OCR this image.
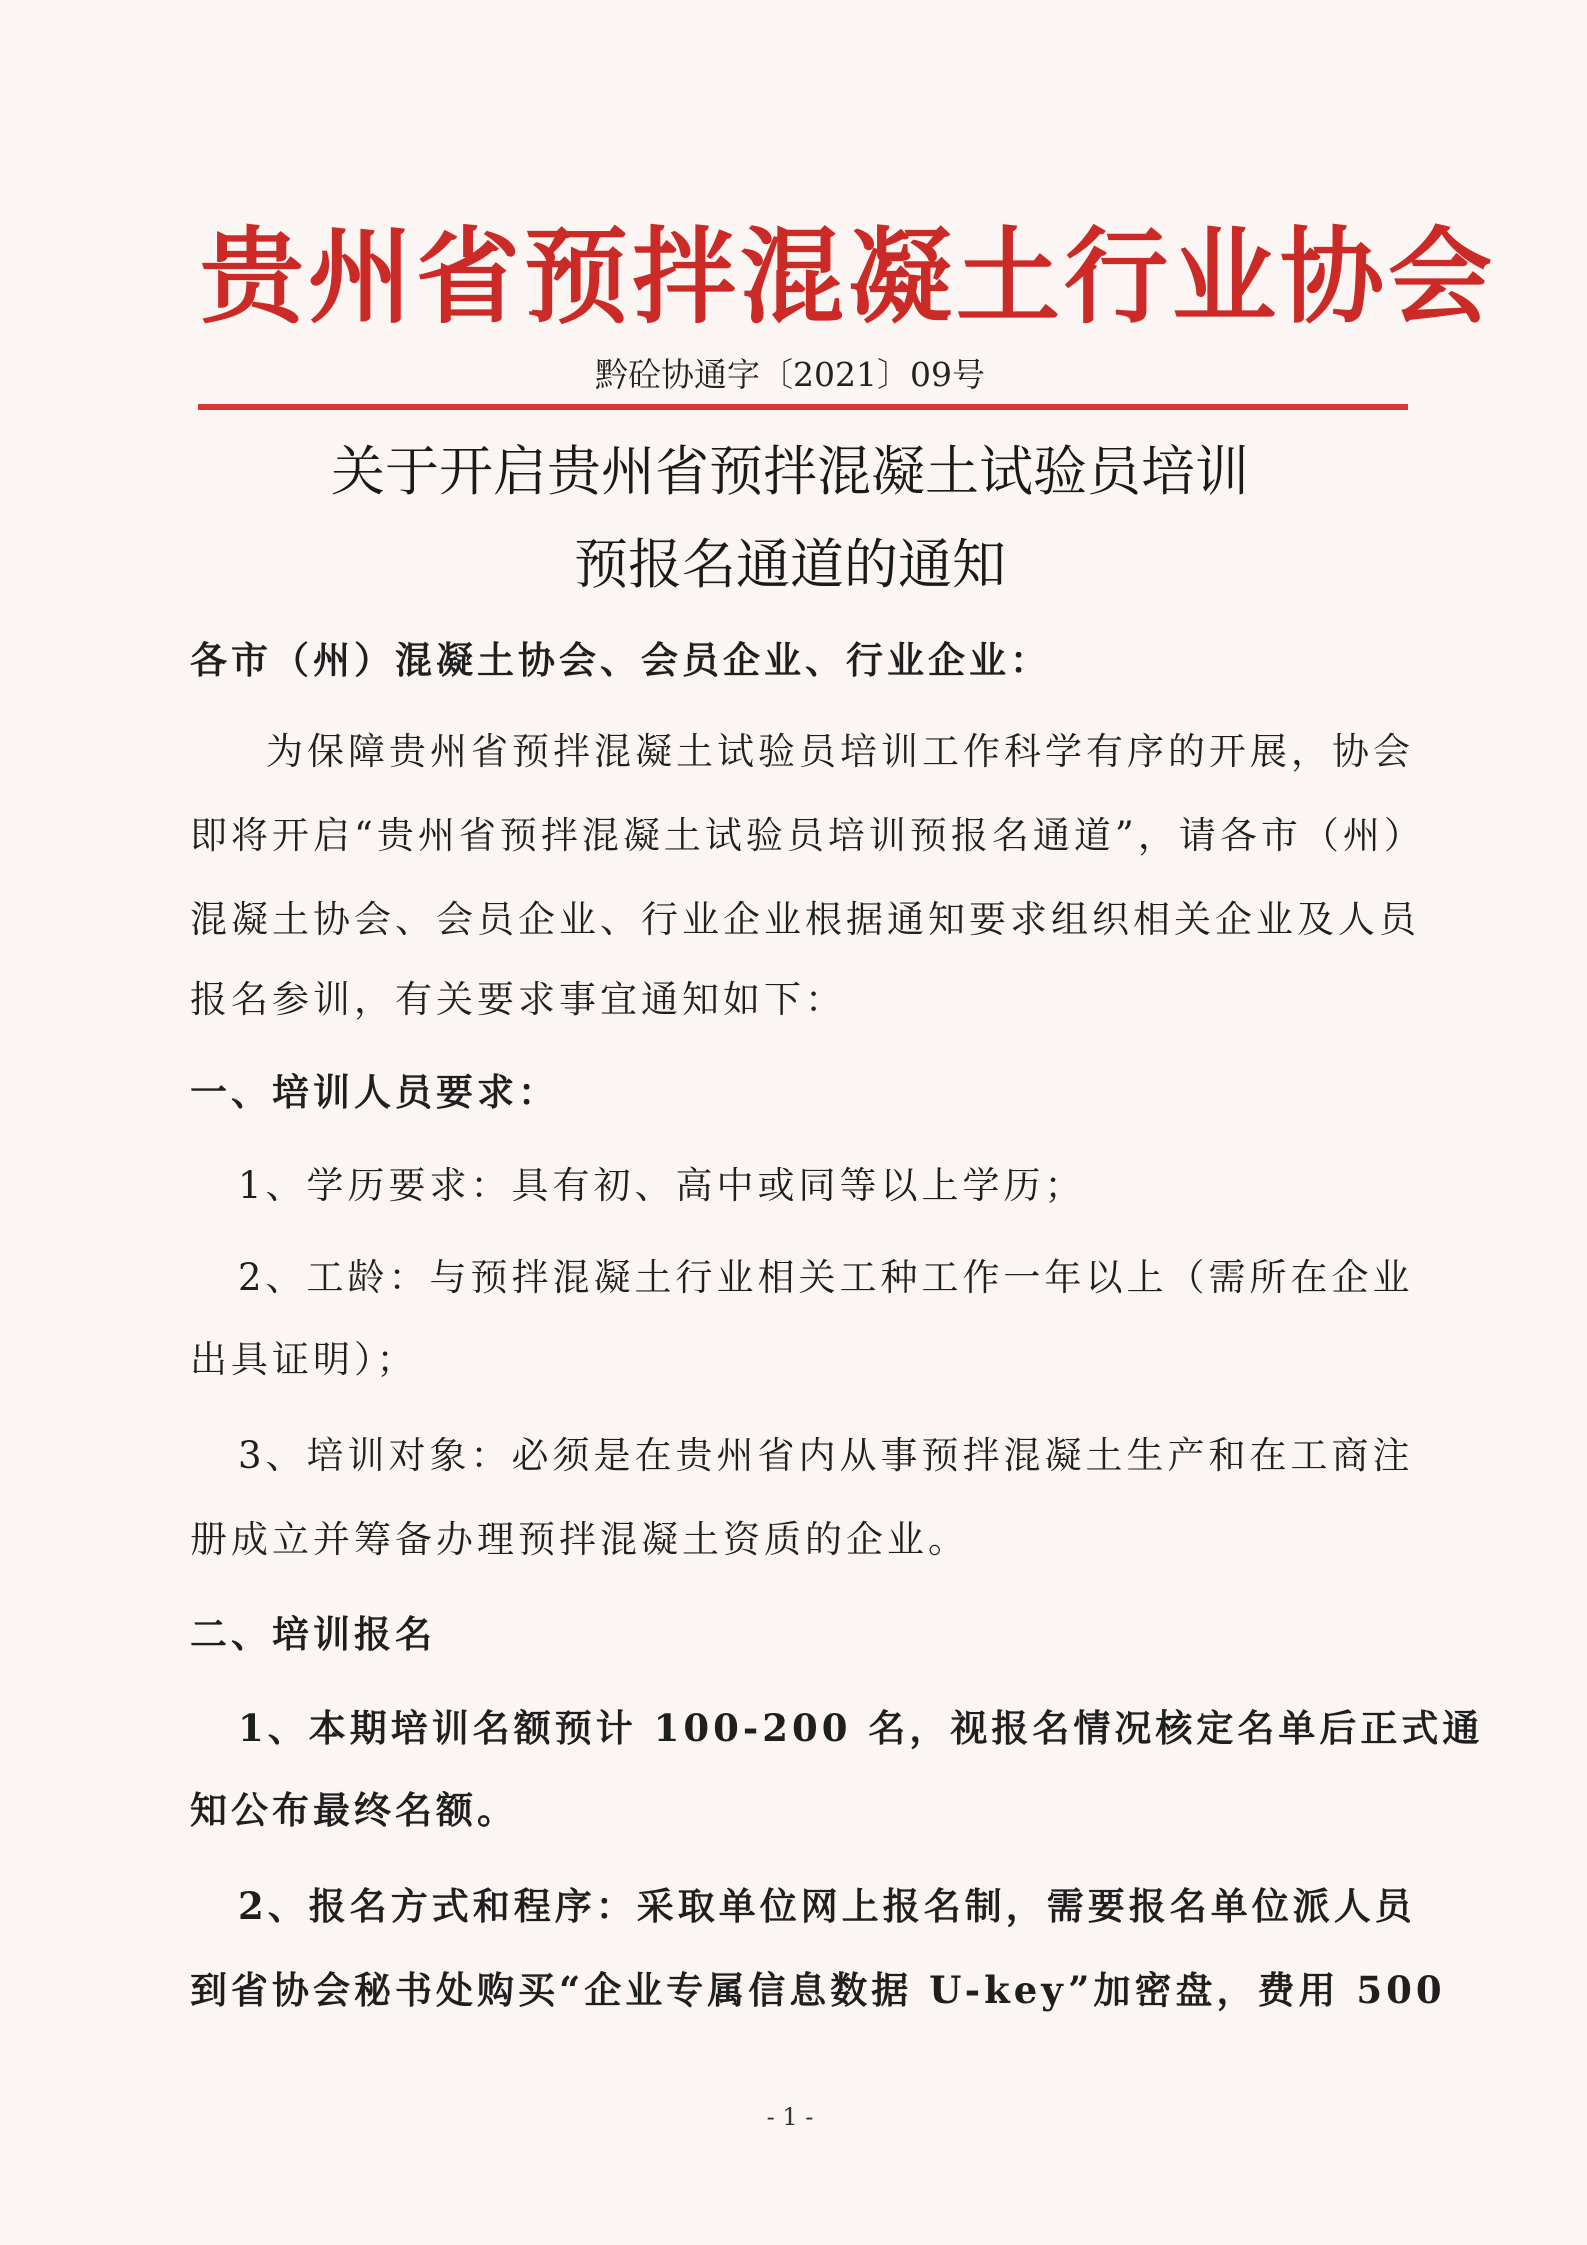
贵州省预拌混凝土行业协会
黔砼协通字〔2021〕09号
关于开启贵州省预拌混凝土试验员培训
预报名通道的通知
各市（州）混凝土协会、会员企业、行业企业：
为保障贵州省预拌混凝土试验员培训工作科学有序的开展，协会
即将开启“贵州省预拌混凝土试验员培训预报名通道”，请各市（州）
混凝土协会、会员企业、行业企业根据通知要求组织相关企业及人员
报名参训，有关要求事宜通知如下：
一、培训人员要求：
1、学历要求：具有初、高中或同等以上学历；
2、工龄：与预拌混凝土行业相关工种工作一年以上（需所在企业
出具证明）；
3、培训对象：必须是在贵州省内从事预拌混凝土生产和在工商注
册成立并筹备办理预拌混凝土资质的企业。
二、培训报名
1、本期培训名额预计 100-200 名，视报名情况核定名单后正式通
知公布最终名额。
2、报名方式和程序：采取单位网上报名制，需要报名单位派人员
到省协会秘书处购买“企业专属信息数据 U-key”加密盘，费用 500
- 1 -
